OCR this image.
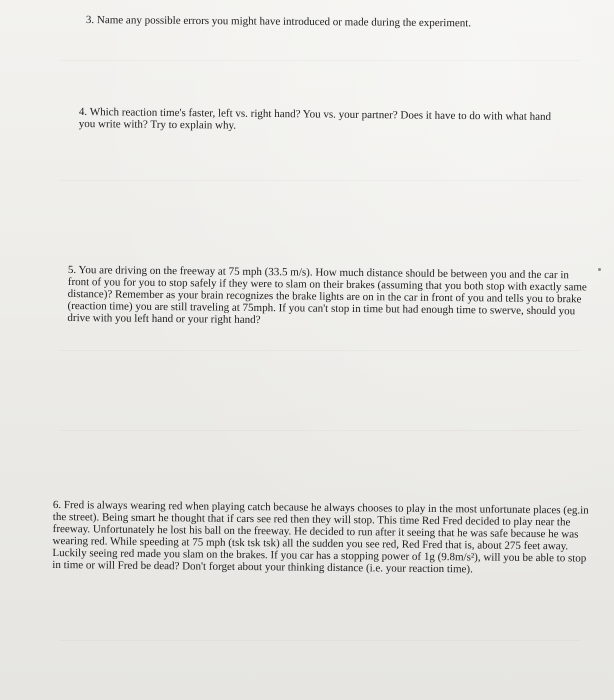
3. Name any possible errors you might have introduced or made during the experiment.

4. Which reaction time's faster, left vs. right hand? You vs. your partner? Does it have to do with what hand you write with? Try to explain why.

5. You are driving on the freeway at 75 mph (33.5 m/s). How much distance should be between you and the car in front of you for you to stop safely if they were to slam on their brakes (assuming that you both stop with exactly same distance)? Remember as your brain recognizes the brake lights are on in the car in front of you and tells you to brake (reaction time) you are still traveling at 75mph. If you can't stop in time but had enough time to swerve, should you drive with you left hand or your right hand?

6. Fred is always wearing red when playing catch because he always chooses to play in the most unfortunate places (eg.in the street). Being smart he thought that if cars see red then they will stop. This time Red Fred decided to play near the freeway. Unfortunately he lost his ball on the freeway. He decided to run after it seeing that he was safe because he was wearing red. While speeding at 75 mph (tsk tsk tsk) all the sudden you see red, Red Fred that is, about 275 feet away. Luckily seeing red made you slam on the brakes. If you car has a stopping power of 1g (9.8m/s²), will you be able to stop in time or will Fred be dead? Don't forget about your thinking distance (i.e. your reaction time).
